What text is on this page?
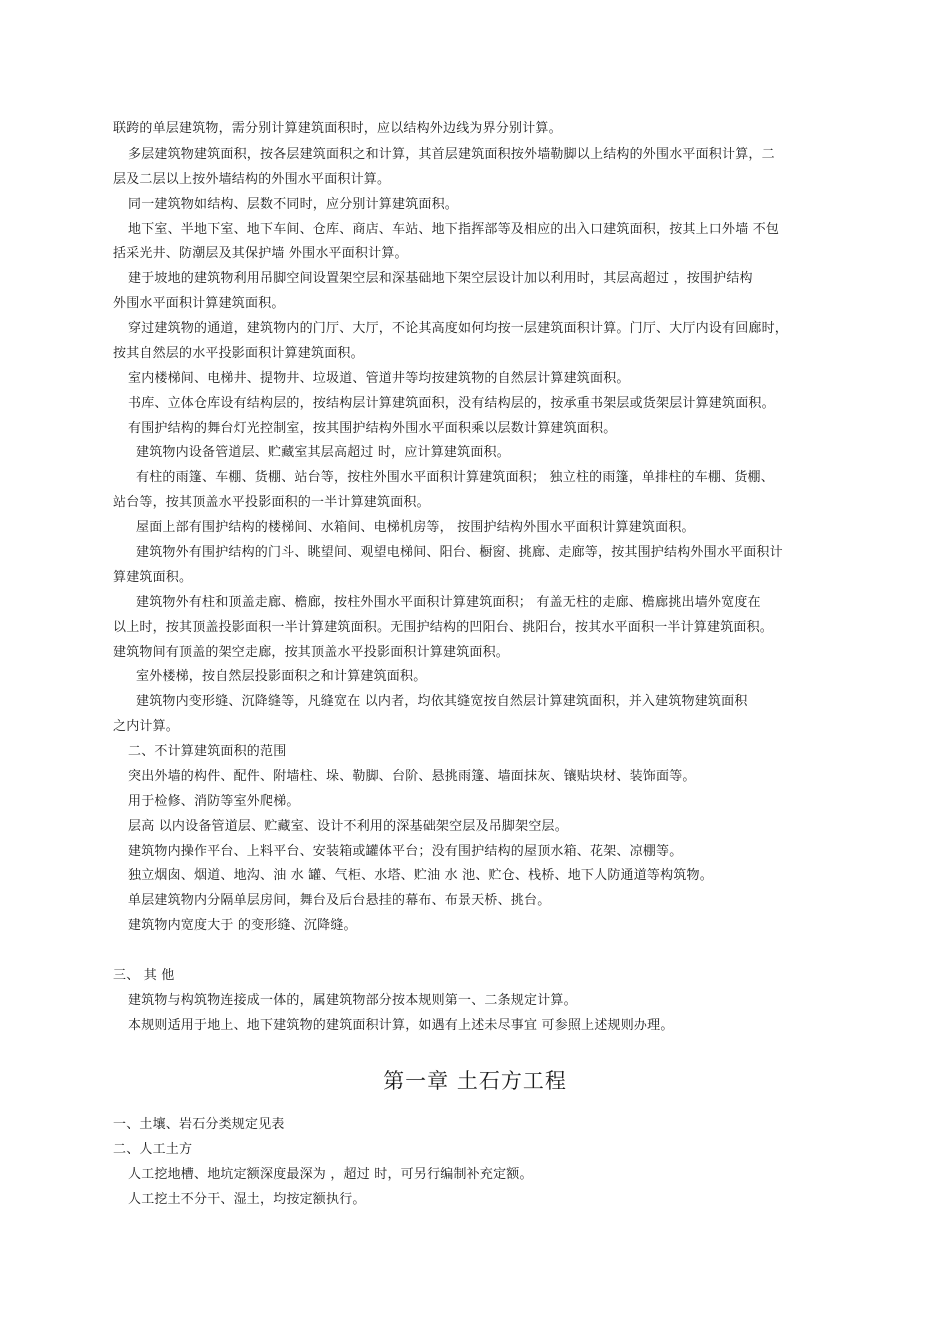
联跨的单层建筑物，需分别计算建筑面积时，应以结构外边线为界分别计算。

多层建筑物建筑面积，按各层建筑面积之和计算，其首层建筑面积按外墙勒脚以上结构的外围水平面积计算，二

层及二层以上按外墙结构的外围水平面积计算。

同一建筑物如结构、层数不同时，应分别计算建筑面积。

地下室、半地下室、地下车间、仓库、商店、车站、地下指挥部等及相应的出入口建筑面积，按其上口外墙 不包

括采光井、防潮层及其保护墙 外围水平面积计算。

建于坡地的建筑物利用吊脚空间设置架空层和深基础地下架空层设计加以利用时，其层高超过 ，按围护结构

外围水平面积计算建筑面积。

穿过建筑物的通道，建筑物内的门厅、大厅，不论其高度如何均按一层建筑面积计算。门厅、大厅内设有回廊时，

按其自然层的水平投影面积计算建筑面积。

室内楼梯间、电梯井、提物井、垃圾道、管道井等均按建筑物的自然层计算建筑面积。

书库、立体仓库设有结构层的，按结构层计算建筑面积，没有结构层的，按承重书架层或货架层计算建筑面积。

有围护结构的舞台灯光控制室，按其围护结构外围水平面积乘以层数计算建筑面积。

建筑物内设备管道层、贮藏室其层高超过 时，应计算建筑面积。

有柱的雨篷、车棚、货棚、站台等，按柱外围水平面积计算建筑面积； 独立柱的雨篷，单排柱的车棚、货棚、

站台等，按其顶盖水平投影面积的一半计算建筑面积。

屋面上部有围护结构的楼梯间、水箱间、电梯机房等， 按围护结构外围水平面积计算建筑面积。

建筑物外有围护结构的门斗、眺望间、观望电梯间、阳台、橱窗、挑廊、走廊等，按其围护结构外围水平面积计

算建筑面积。

建筑物外有柱和顶盖走廊、檐廊，按柱外围水平面积计算建筑面积； 有盖无柱的走廊、檐廊挑出墙外宽度在

以上时，按其顶盖投影面积一半计算建筑面积。无围护结构的凹阳台、挑阳台，按其水平面积一半计算建筑面积。

建筑物间有顶盖的架空走廊，按其顶盖水平投影面积计算建筑面积。

室外楼梯，按自然层投影面积之和计算建筑面积。

建筑物内变形缝、沉降缝等，凡缝宽在 以内者，均依其缝宽按自然层计算建筑面积，并入建筑物建筑面积

之内计算。

二、不计算建筑面积的范围

突出外墙的构件、配件、附墙柱、垛、勒脚、台阶、悬挑雨篷、墙面抹灰、镶贴块材、装饰面等。

用于检修、消防等室外爬梯。

层高 以内设备管道层、贮藏室、设计不利用的深基础架空层及吊脚架空层。

建筑物内操作平台、上料平台、安装箱或罐体平台；没有围护结构的屋顶水箱、花架、凉棚等。

独立烟囱、烟道、地沟、油 水 罐、气柜、水塔、贮油 水 池、贮仓、栈桥、地下人防通道等构筑物。

单层建筑物内分隔单层房间，舞台及后台悬挂的幕布、布景天桥、挑台。

建筑物内宽度大于 的变形缝、沉降缝。

三、 其 他

建筑物与构筑物连接成一体的，属建筑物部分按本规则第一、二条规定计算。

本规则适用于地上、地下建筑物的建筑面积计算，如遇有上述未尽事宜 可参照上述规则办理。

第一章 土石方工程

一、土壤、岩石分类规定见表

二、人工土方

人工挖地槽、地坑定额深度最深为 ，超过 时，可另行编制补充定额。

人工挖土不分干、湿土，均按定额执行。
